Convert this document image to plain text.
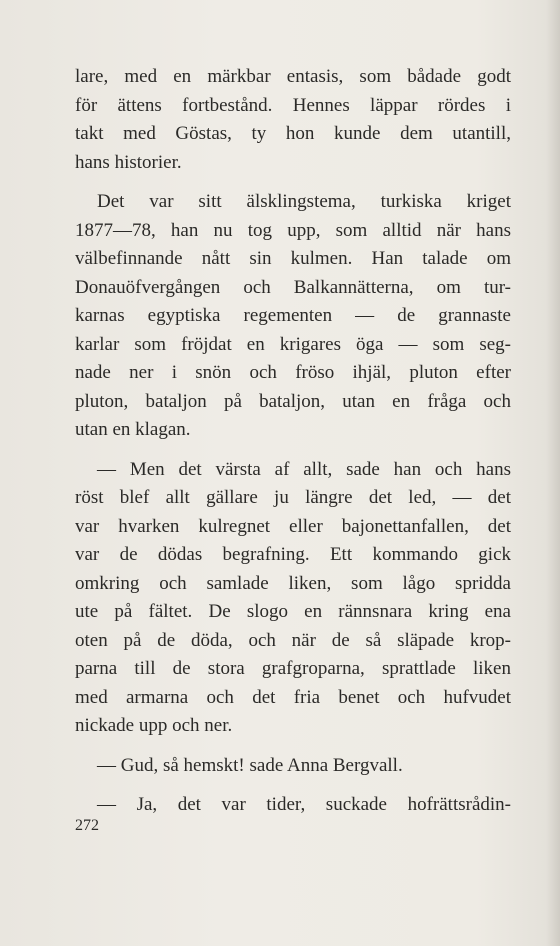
lare, med en märkbar entasis, som bådade godt
för ättens fortbestånd. Hennes läppar rördes i
takt med Göstas, ty hon kunde dem utantill,
hans historier.
Det var sitt älsklingstema, turkiska kriget
1877—78, han nu tog upp, som alltid när hans
välbefinnande nått sin kulmen. Han talade om
Donauöfvergången och Balkannätterna, om tur-
karnas egyptiska regementen — de grannaste
karlar som fröjdat en krigares öga — som seg-
nade ner i snön och fröso ihjäl, pluton efter
pluton, bataljon på bataljon, utan en fråga och
utan en klagan.
— Men det värsta af allt, sade han och hans
röst blef allt gällare ju längre det led, — det
var hvarken kulregnet eller bajonettanfallen, det
var de dödas begrafning. Ett kommando gick
omkring och samlade liken, som lågo spridda
ute på fältet. De slogo en rännsnara kring ena
oten på de döda, och när de så släpade krop-
parna till de stora grafgroparna, sprattlade liken
med armarna och det fria benet och hufvudet
nickade upp och ner.
— Gud, så hemskt! sade Anna Bergvall.
— Ja, det var tider, suckade hofrättsrådin-
272
